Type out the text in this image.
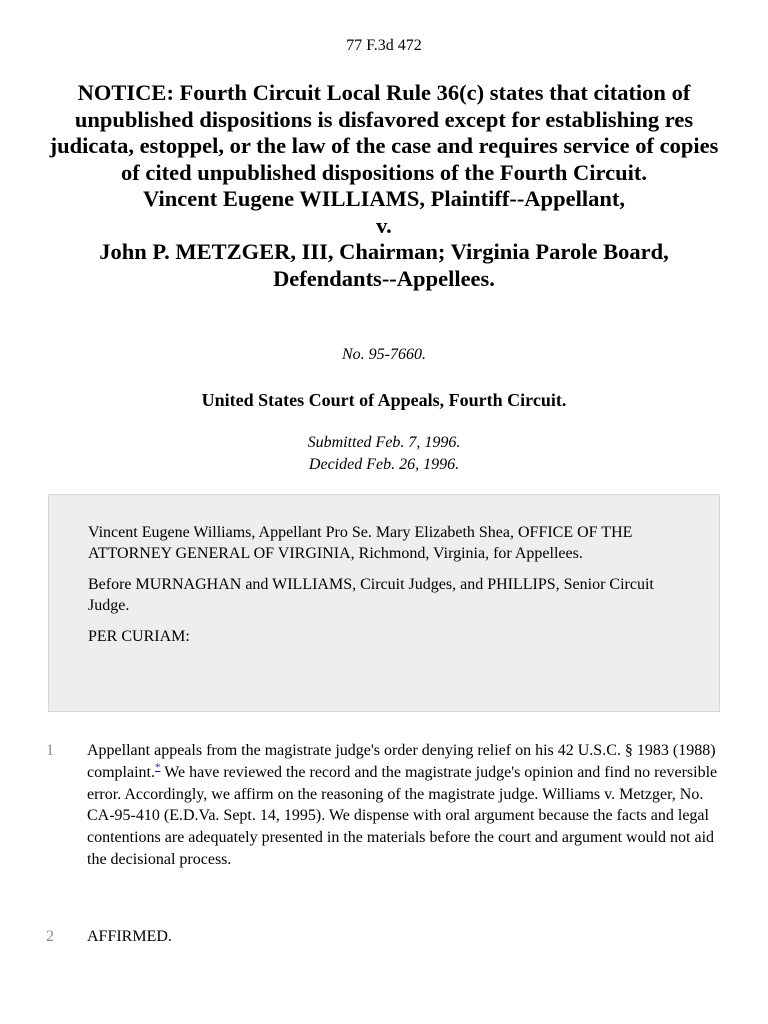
77 F.3d 472
NOTICE: Fourth Circuit Local Rule 36(c) states that citation of unpublished dispositions is disfavored except for establishing res judicata, estoppel, or the law of the case and requires service of copies of cited unpublished dispositions of the Fourth Circuit.
Vincent Eugene WILLIAMS, Plaintiff--Appellant,
v.
John P. METZGER, III, Chairman; Virginia Parole Board, Defendants--Appellees.
No. 95-7660.
United States Court of Appeals, Fourth Circuit.
Submitted Feb. 7, 1996.
Decided Feb. 26, 1996.

Vincent Eugene Williams, Appellant Pro Se. Mary Elizabeth Shea, OFFICE OF THE ATTORNEY GENERAL OF VIRGINIA, Richmond, Virginia, for Appellees.

Before MURNAGHAN and WILLIAMS, Circuit Judges, and PHILLIPS, Senior Circuit Judge.

PER CURIAM:

1 Appellant appeals from the magistrate judge's order denying relief on his 42 U.S.C. § 1983 (1988) complaint.* We have reviewed the record and the magistrate judge's opinion and find no reversible error. Accordingly, we affirm on the reasoning of the magistrate judge. Williams v. Metzger, No. CA-95-410 (E.D.Va. Sept. 14, 1995). We dispense with oral argument because the facts and legal contentions are adequately presented in the materials before the court and argument would not aid the decisional process.
2 AFFIRMED.
